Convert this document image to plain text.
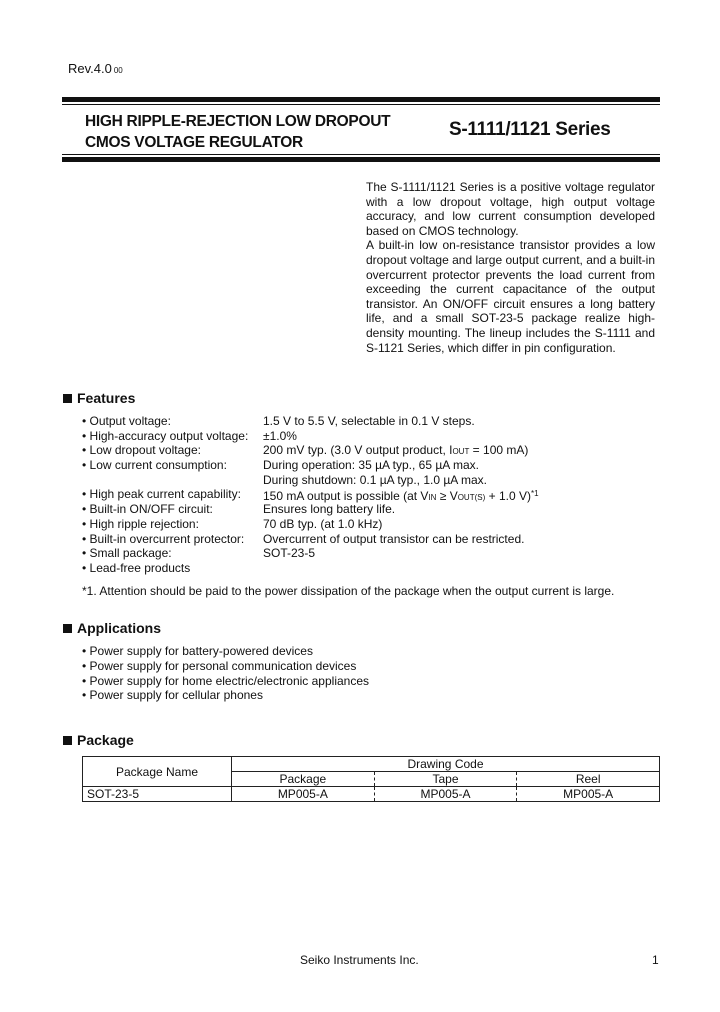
Rev.4.0 00
HIGH RIPPLE-REJECTION LOW DROPOUT
CMOS VOLTAGE REGULATOR
S-1111/1121 Series

The S-1111/1121 Series is a positive voltage regulator with a low dropout voltage, high output voltage accuracy, and low current consumption developed based on CMOS technology.

A built-in low on-resistance transistor provides a low dropout voltage and large output current, and a built-in overcurrent protector prevents the load current from exceeding the current capacitance of the output transistor. An ON/OFF circuit ensures a long battery life, and a small SOT-23-5 package realize high-density mounting. The lineup includes the S-1111 and S-1121 Series, which differ in pin configuration.

Features
• Output voltage:	1.5 V to 5.5 V, selectable in 0.1 V steps.
• High-accuracy output voltage: ±1.0%
• Low dropout voltage:	200 mV typ. (3.0 V output product, IOUT = 100 mA)
• Low current consumption:	During operation: 35 µA typ., 65 µA max.
During shutdown: 0.1 µA typ., 1.0 µA max.
• High peak current capability: 150 mA output is possible (at VIN ≥ VOUT(S) + 1.0 V)$^{*1}$
• Built-in ON/OFF circuit:	Ensures long battery life.
• High ripple rejection:	70 dB typ. (at 1.0 kHz)
• Built-in overcurrent protector: Overcurrent of output transistor can be restricted.
• Small package:	SOT-23-5
• Lead-free products
*1. Attention should be paid to the power dissipation of the package when the output current is large.
Applications
• Power supply for battery-powered devices
• Power supply for personal communication devices
• Power supply for home electric/electronic appliances
• Power supply for cellular phones
Package
Package Name	Drawing Code		
	Package	Tape	Reel
SOT-23-5	MP005-A	MP005-A	MP005-A
Seiko Instruments Inc.	1
